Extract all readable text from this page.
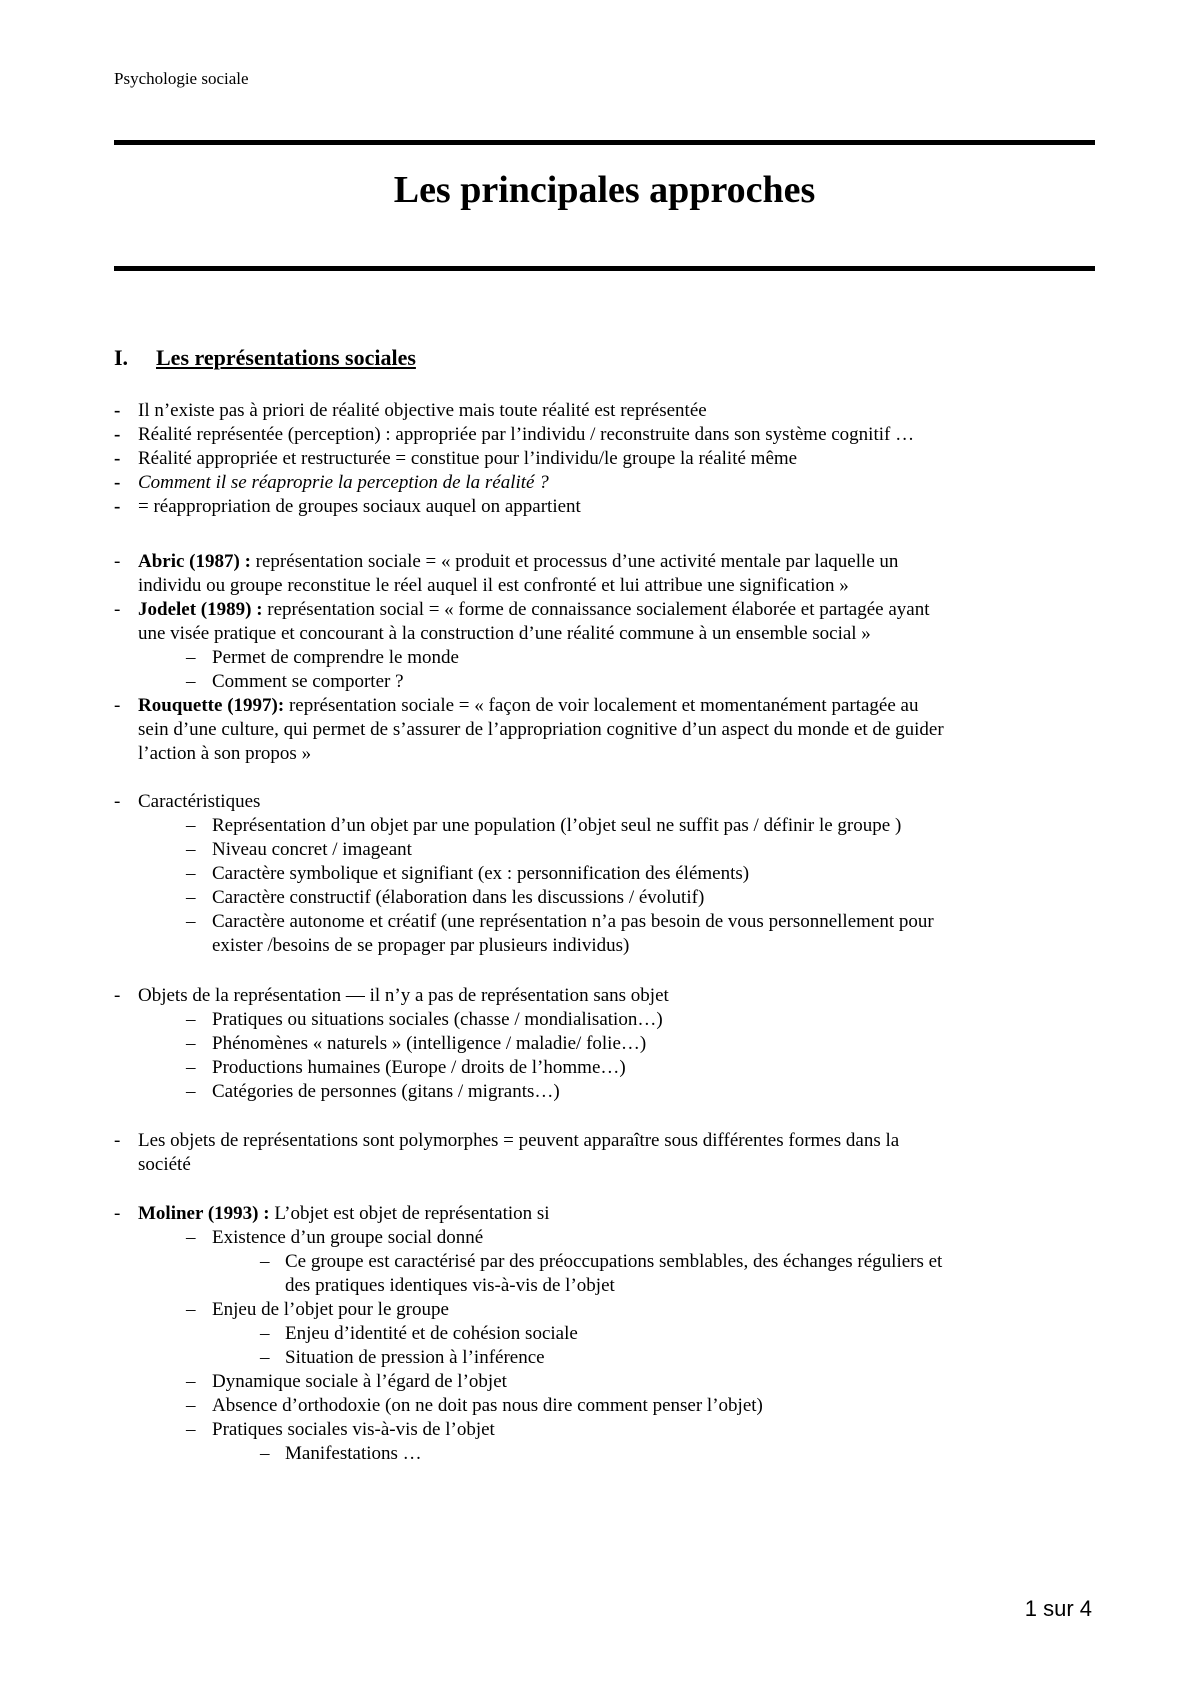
Psychologie sociale
Les principales approches
I. Les représentations sociales
- Il n’existe pas à priori de réalité objective mais toute réalité est représentée
- Réalité représentée (perception) : appropriée par l’individu / reconstruite dans son système cognitif …
- Réalité appropriée et restructurée = constitue pour l’individu/le groupe la réalité même
- Comment il se réaproprie la perception de la réalité ?
- = réappropriation de groupes sociaux auquel on appartient
- Abric (1987) : représentation sociale = « produit et processus d’une activité mentale par laquelle un
individu ou groupe reconstitue le réel auquel il est confronté et lui attribue une signification »
- Jodelet (1989) : représentation social = « forme de connaissance socialement élaborée et partagée ayant
une visée pratique et concourant à la construction d’une réalité commune à un ensemble social »
– Permet de comprendre le monde
– Comment se comporter ?
- Rouquette (1997): représentation sociale = « façon de voir localement et momentanément partagée au
sein d’une culture, qui permet de s’assurer de l’appropriation cognitive d’un aspect du monde et de guider
l’action à son propos »
- Caractéristiques
– Représentation d’un objet par une population (l’objet seul ne suffit pas / définir le groupe )
– Niveau concret / imageant
– Caractère symbolique et signifiant (ex : personnification des éléments)
– Caractère constructif (élaboration dans les discussions / évolutif)
– Caractère autonome et créatif (une représentation n’a pas besoin de vous personnellement pour
exister /besoins de se propager par plusieurs individus)
- Objets de la représentation — il n’y a pas de représentation sans objet
– Pratiques ou situations sociales (chasse / mondialisation…)
– Phénomènes « naturels » (intelligence / maladie/ folie…)
– Productions humaines (Europe / droits de l’homme…)
– Catégories de personnes (gitans / migrants…)
- Les objets de représentations sont polymorphes = peuvent apparaître sous différentes formes dans la
société
- Moliner (1993) : L’objet est objet de représentation si
– Existence d’un groupe social donné
– Ce groupe est caractérisé par des préoccupations semblables, des échanges réguliers et
des pratiques identiques vis-à-vis de l’objet
– Enjeu de l’objet pour le groupe
– Enjeu d’identité et de cohésion sociale
– Situation de pression à l’inférence
– Dynamique sociale à l’égard de l’objet
– Absence d’orthodoxie (on ne doit pas nous dire comment penser l’objet)
– Pratiques sociales vis-à-vis de l’objet
– Manifestations …
1 sur 4
